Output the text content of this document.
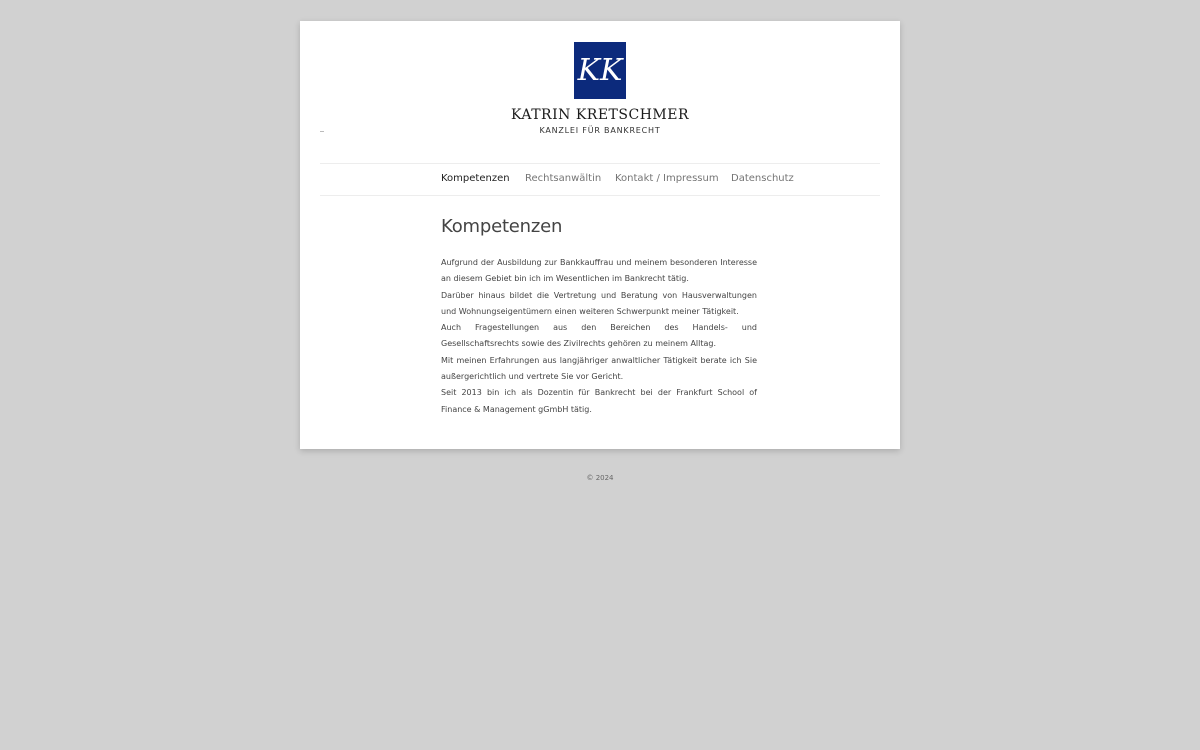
KK
KATRIN KRETSCHMER
KANZLEI FÜR BANKRECHT
Kompetenzen Rechtsanwältin Kontakt / Impressum Datenschutz
Kompetenzen

Aufgrund der Ausbildung zur Bankkauffrau und meinem besonderen Interesse an diesem Gebiet bin ich im Wesentlichen im Bankrecht tätig.

Darüber hinaus bildet die Vertretung und Beratung von Hausverwaltungen und Wohnungseigentümern einen weiteren Schwerpunkt meiner Tätigkeit.

Auch Fragestellungen aus den Bereichen des Handels- und Gesellschaftsrechts sowie des Zivilrechts gehören zu meinem Alltag.

Mit meinen Erfahrungen aus langjähriger anwaltlicher Tätigkeit berate ich Sie außergerichtlich und vertrete Sie vor Gericht.

Seit 2013 bin ich als Dozentin für Bankrecht bei der Frankfurt School of Finance & Management gGmbH tätig.

© 2024
